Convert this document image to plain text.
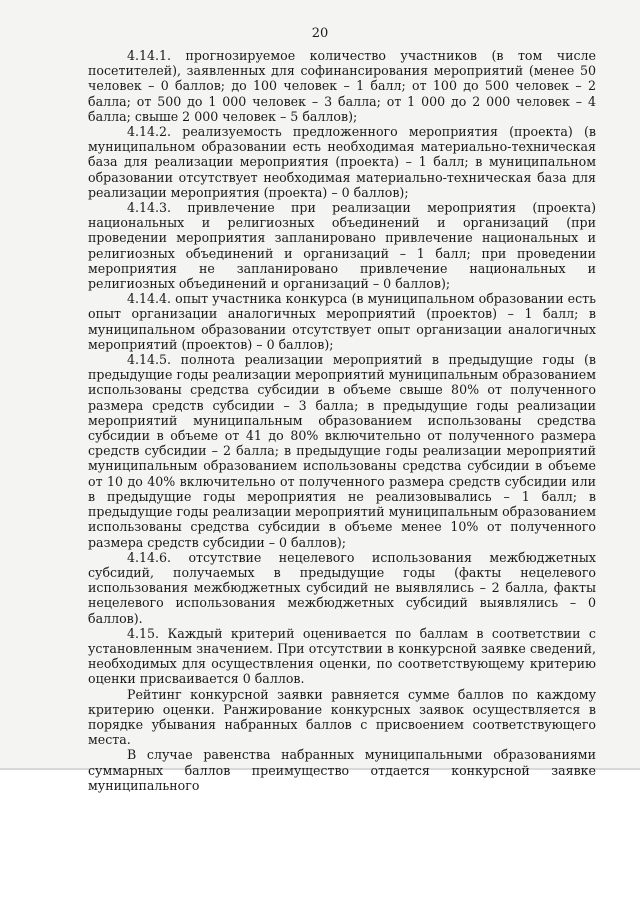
20

4.14.1. прогнозируемое количество участников (в том числе посетителей), заявленных для софинансирования мероприятий (менее 50 человек – 0 баллов; до 100 человек – 1 балл; от 100 до 500 человек – 2 балла; от 500 до 1 000 человек – 3 балла; от 1 000 до 2 000 человек – 4 балла; свыше 2 000 человек – 5 баллов);

4.14.2. реализуемость предложенного мероприятия (проекта) (в муниципальном образовании есть необходимая материально-техническая база для реализации мероприятия (проекта) – 1 балл; в муниципальном образовании отсутствует необходимая материально-техническая база для реализации мероприятия (проекта) – 0 баллов);

4.14.3. привлечение при реализации мероприятия (проекта) национальных и религиозных объединений и организаций (при проведении мероприятия запланировано привлечение национальных и религиозных объединений и организаций – 1 балл; при проведении мероприятия не запланировано привлечение национальных и религиозных объединений и организаций – 0 баллов);

4.14.4. опыт участника конкурса (в муниципальном образовании есть опыт организации аналогичных мероприятий (проектов) – 1 балл; в муниципальном образовании отсутствует опыт организации аналогичных мероприятий (проектов) – 0 баллов);

4.14.5. полнота реализации мероприятий в предыдущие годы (в предыдущие годы реализации мероприятий муниципальным образованием использованы средства субсидии в объеме свыше 80% от полученного размера средств субсидии – 3 балла; в предыдущие годы реализации мероприятий муниципальным образованием использованы средства субсидии в объеме от 41 до 80% включительно от полученного размера средств субсидии – 2 балла; в предыдущие годы реализации мероприятий муниципальным образованием использованы средства субсидии в объеме от 10 до 40% включительно от полученного размера средств субсидии или в предыдущие годы мероприятия не реализовывались – 1 балл; в предыдущие годы реализации мероприятий муниципальным образованием использованы средства субсидии в объеме менее 10% от полученного размера средств субсидии – 0 баллов);

4.14.6. отсутствие нецелевого использования межбюджетных субсидий, получаемых в предыдущие годы (факты нецелевого использования межбюджетных субсидий не выявлялись – 2 балла, факты нецелевого использования межбюджетных субсидий выявлялись – 0 баллов).

4.15. Каждый критерий оценивается по баллам в соответствии с установленным значением. При отсутствии в конкурсной заявке сведений, необходимых для осуществления оценки, по соответствующему критерию оценки присваивается 0 баллов.

Рейтинг конкурсной заявки равняется сумме баллов по каждому критерию оценки. Ранжирование конкурсных заявок осуществляется в порядке убывания набранных баллов с присвоением соответствующего места.

В случае равенства набранных муниципальными образованиями суммарных баллов преимущество отдается конкурсной заявке муниципального
